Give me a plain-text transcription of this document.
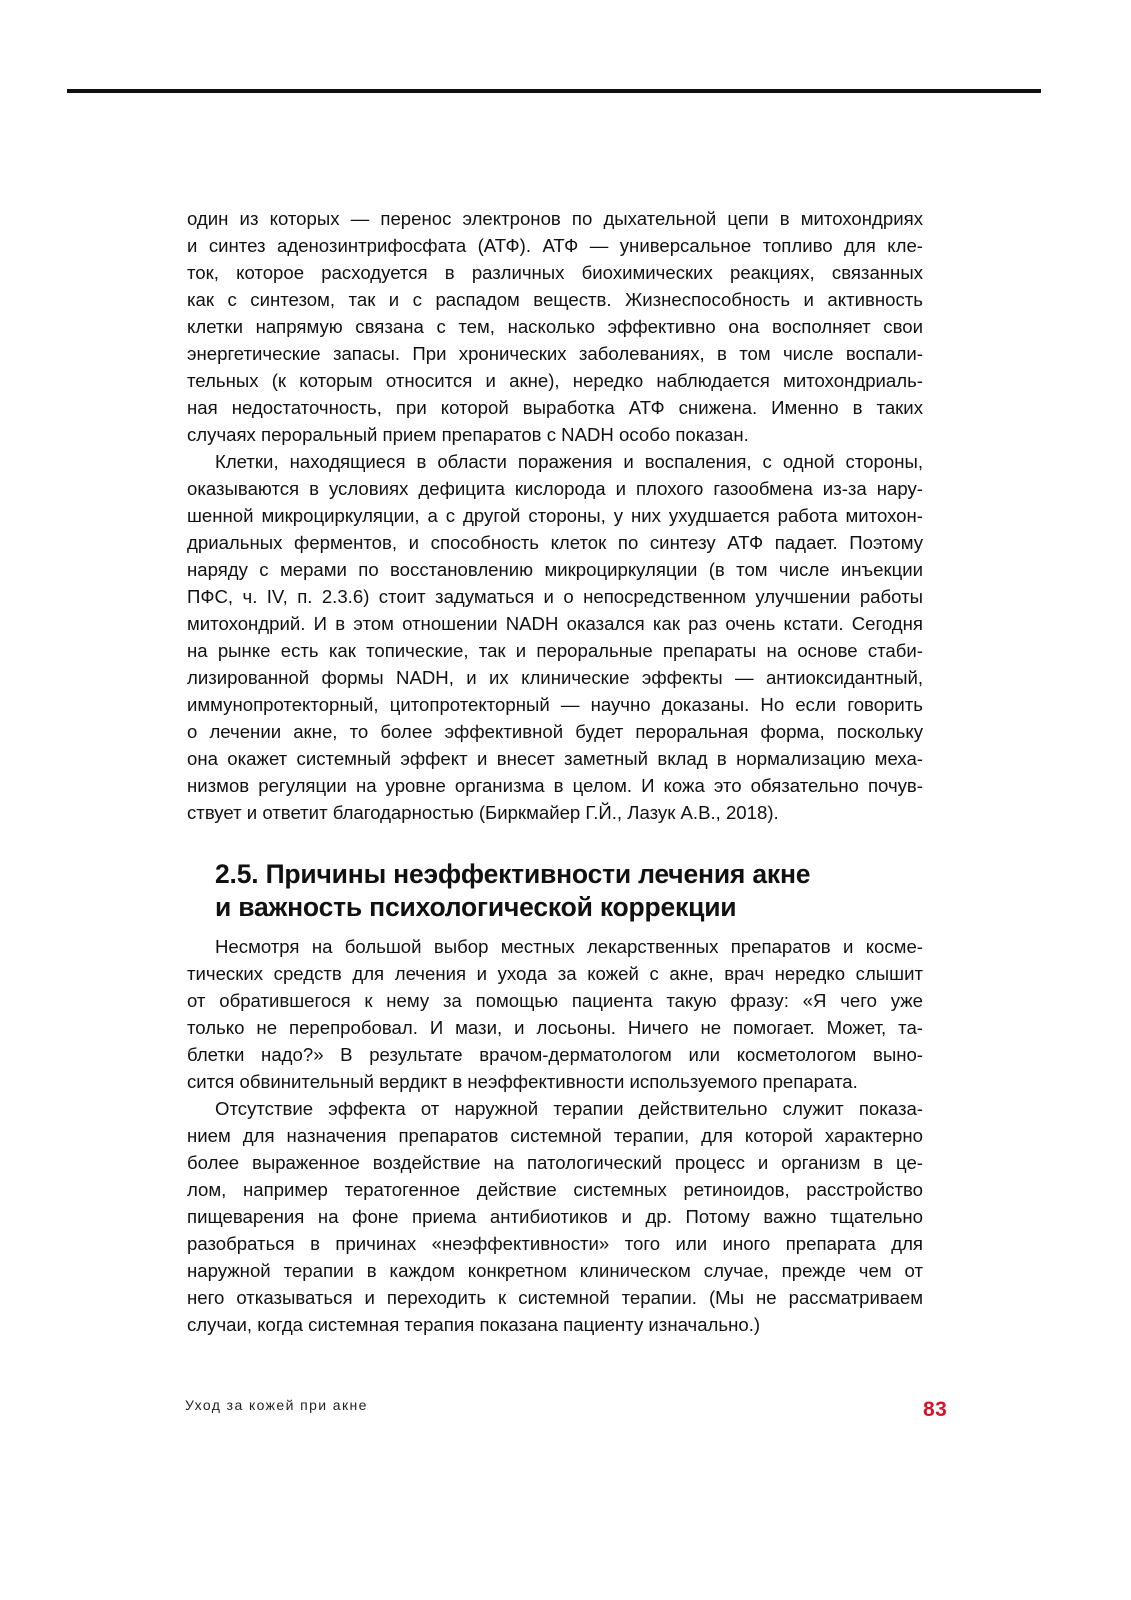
один из которых — перенос электронов по дыхательной цепи в митохондриях
и синтез аденозинтрифосфата (АТФ). АТФ — универсальное топливо для кле-
ток, которое расходуется в различных биохимических реакциях, связанных
как с синтезом, так и с распадом веществ. Жизнеспособность и активность
клетки напрямую связана с тем, насколько эффективно она восполняет свои
энергетические запасы. При хронических заболеваниях, в том числе воспали-
тельных (к которым относится и акне), нередко наблюдается митохондриаль-
ная недостаточность, при которой выработка АТФ снижена. Именно в таких
случаях пероральный прием препаратов с NADH особо показан.
Клетки, находящиеся в области поражения и воспаления, с одной стороны,
оказываются в условиях дефицита кислорода и плохого газообмена из-за нару-
шенной микроциркуляции, а с другой стороны, у них ухудшается работа митохон-
дриальных ферментов, и способность клеток по синтезу АТФ падает. Поэтому
наряду с мерами по восстановлению микроциркуляции (в том числе инъекции
ПФС, ч. IV, п. 2.3.6) стоит задуматься и о непосредственном улучшении работы
митохондрий. И в этом отношении NADH оказался как раз очень кстати. Сегодня
на рынке есть как топические, так и пероральные препараты на основе стаби-
лизированной формы NADH, и их клинические эффекты — антиоксидантный,
иммунопротекторный, цитопротекторный — научно доказаны. Но если говорить
о лечении акне, то более эффективной будет пероральная форма, поскольку
она окажет системный эффект и внесет заметный вклад в нормализацию меха-
низмов регуляции на уровне организма в целом. И кожа это обязательно почув-
ствует и ответит благодарностью (Биркмайер Г.Й., Лазук А.В., 2018).
2.5. Причины неэффективности лечения акне
и важность психологической коррекции
Несмотря на большой выбор местных лекарственных препаратов и косме-
тических средств для лечения и ухода за кожей с акне, врач нередко слышит
от обратившегося к нему за помощью пациента такую фразу: «Я чего уже
только не перепробовал. И мази, и лосьоны. Ничего не помогает. Может, та-
блетки надо?» В результате врачом-дерматологом или косметологом выно-
сится обвинительный вердикт в неэффективности используемого препарата.
Отсутствие эффекта от наружной терапии действительно служит показа-
нием для назначения препаратов системной терапии, для которой характерно
более выраженное воздействие на патологический процесс и организм в це-
лом, например тератогенное действие системных ретиноидов, расстройство
пищеварения на фоне приема антибиотиков и др. Потому важно тщательно
разобраться в причинах «неэффективности» того или иного препарата для
наружной терапии в каждом конкретном клиническом случае, прежде чем от
него отказываться и переходить к системной терапии. (Мы не рассматриваем
случаи, когда системная терапия показана пациенту изначально.)
Уход за кожей при акне	83
